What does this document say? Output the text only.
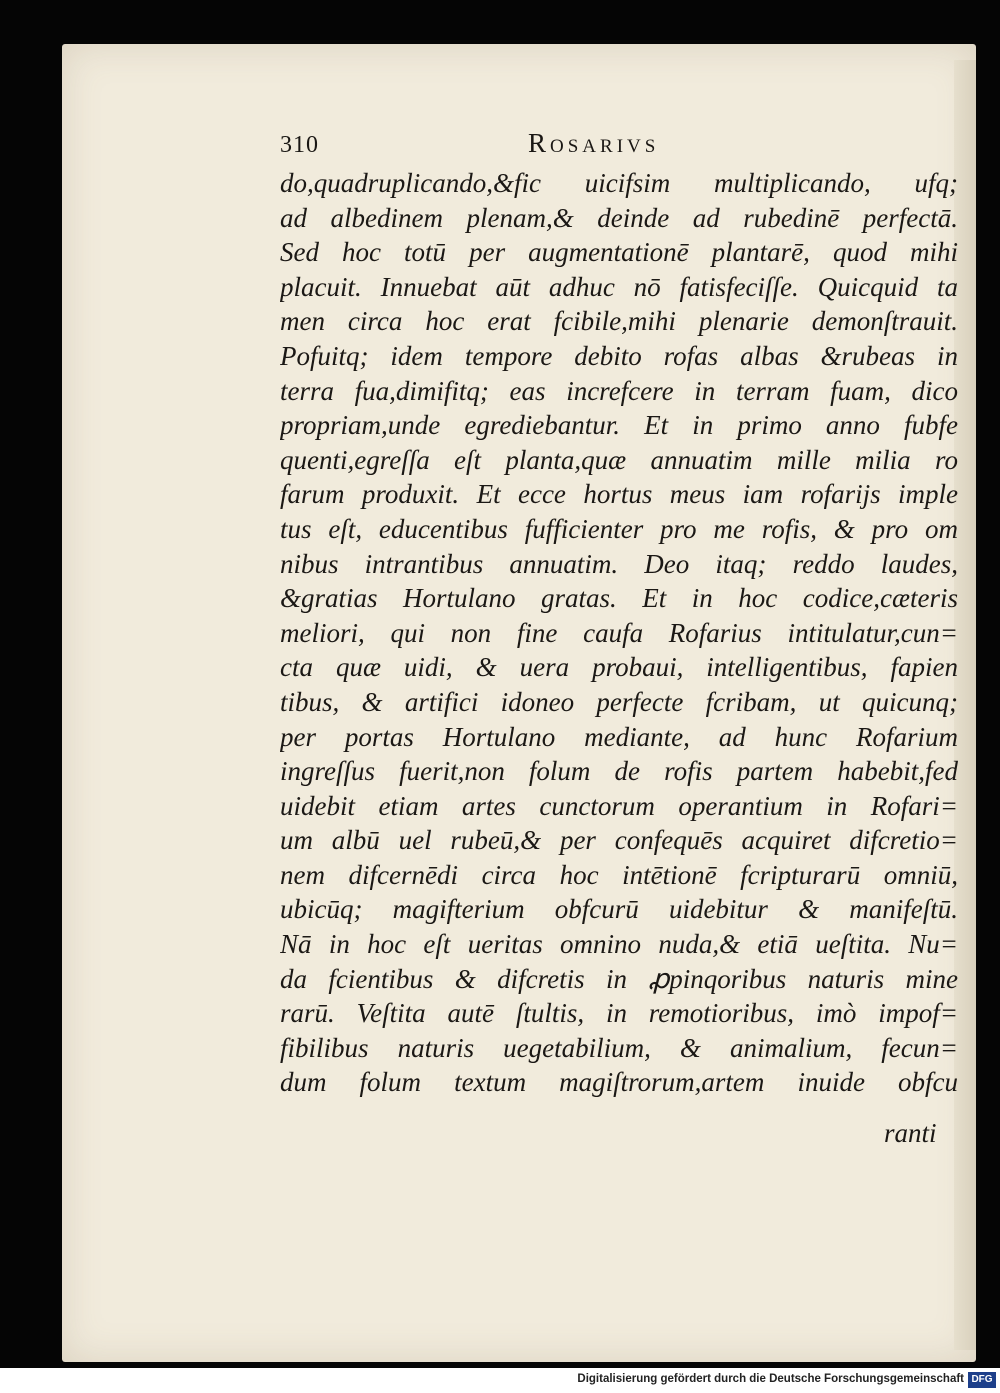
310	Rosarivs
do,quadruplicando,&fic uicifsim multiplicando, ufq;
ad albedinem plenam,& deinde ad rubedinē perfectā.
Sed hoc totū per augmentationē plantarē, quod mihi
placuit. Innuebat aūt adhuc nō fatisfeciſſe. Quicquid ta
men circa hoc erat fcibile,mihi plenarie demonſtrauit.
Pofuitq; idem tempore debito rofas albas &rubeas in
terra fua,dimifitq; eas increfcere in terram fuam, dico
propriam,unde egrediebantur. Et in primo anno fubfe
quenti,egreſſa eſt planta,quæ annuatim mille milia ro
farum produxit. Et ecce hortus meus iam rofarijs imple
tus eſt, educentibus fufficienter pro me rofis, & pro om
nibus intrantibus annuatim. Deo itaq; reddo laudes,
&gratias Hortulano gratas. Et in hoc codice,cæteris
meliori, qui non fine caufa Rofarius intitulatur,cun=
cta quæ uidi, & uera probaui, intelligentibus, fapien
tibus, & artifici idoneo perfecte fcribam, ut quicunq;
per portas Hortulano mediante, ad hunc Rofarium
ingreſſus fuerit,non folum de rofis partem habebit,fed
uidebit etiam artes cunctorum operantium in Rofari=
um albū uel rubeū,& per confequēs acquiret difcretio=
nem difcernēdi circa hoc intētionē fcripturarū omniū,
ubicūq; magifterium obfcurū uidebitur & manifeſtū.
Nā in hoc eſt ueritas omnino nuda,& etiā ueſtita. Nu=
da fcientibus & difcretis in ꝓpinqoribus naturis mine
rarū. Veſtita autē ſtultis, in remotioribus, imò impof=
fibilibus naturis uegetabilium, & animalium, fecun=
dum folum textum magiſtrorum,artem inuide obfcu
ranti
Digitalisierung gefördert durch die Deutsche Forschungsgemeinschaft DFG
